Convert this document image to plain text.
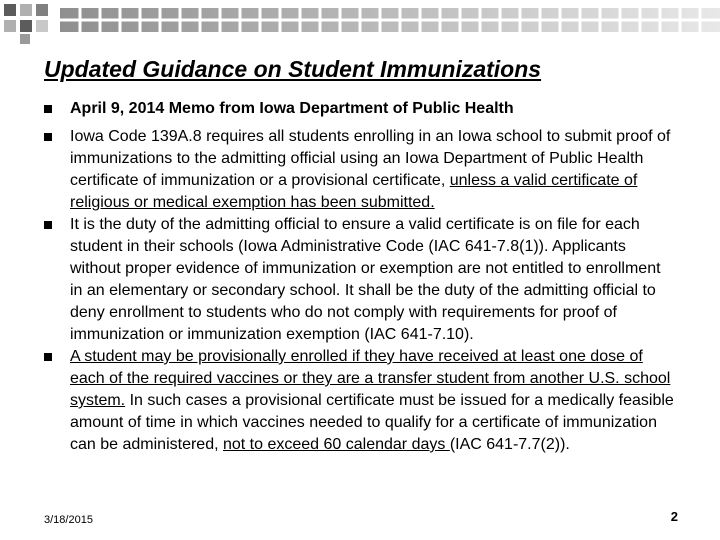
Updated Guidance on Student Immunizations
April 9, 2014 Memo from Iowa Department of Public Health
Iowa Code 139A.8 requires all students enrolling in an Iowa school to submit proof of immunizations to the admitting official using an Iowa Department of Public Health certificate of immunization or a provisional certificate, unless a valid certificate of religious or medical exemption has been submitted.
It is the duty of the admitting official to ensure a valid certificate is on file for each student in their schools (Iowa Administrative Code (IAC 641-7.8(1)). Applicants without proper evidence of immunization or exemption are not entitled to enrollment in an elementary or secondary school. It shall be the duty of the admitting official to deny enrollment to students who do not comply with requirements for proof of immunization or immunization exemption (IAC 641-7.10).
A student may be provisionally enrolled if they have received at least one dose of each of the required vaccines or they are a transfer student from another U.S. school system. In such cases a provisional certificate must be issued for a medically feasible amount of time in which vaccines needed to qualify for a certificate of immunization can be administered, not to exceed 60 calendar days (IAC 641-7.7(2)).
3/18/2015	2
